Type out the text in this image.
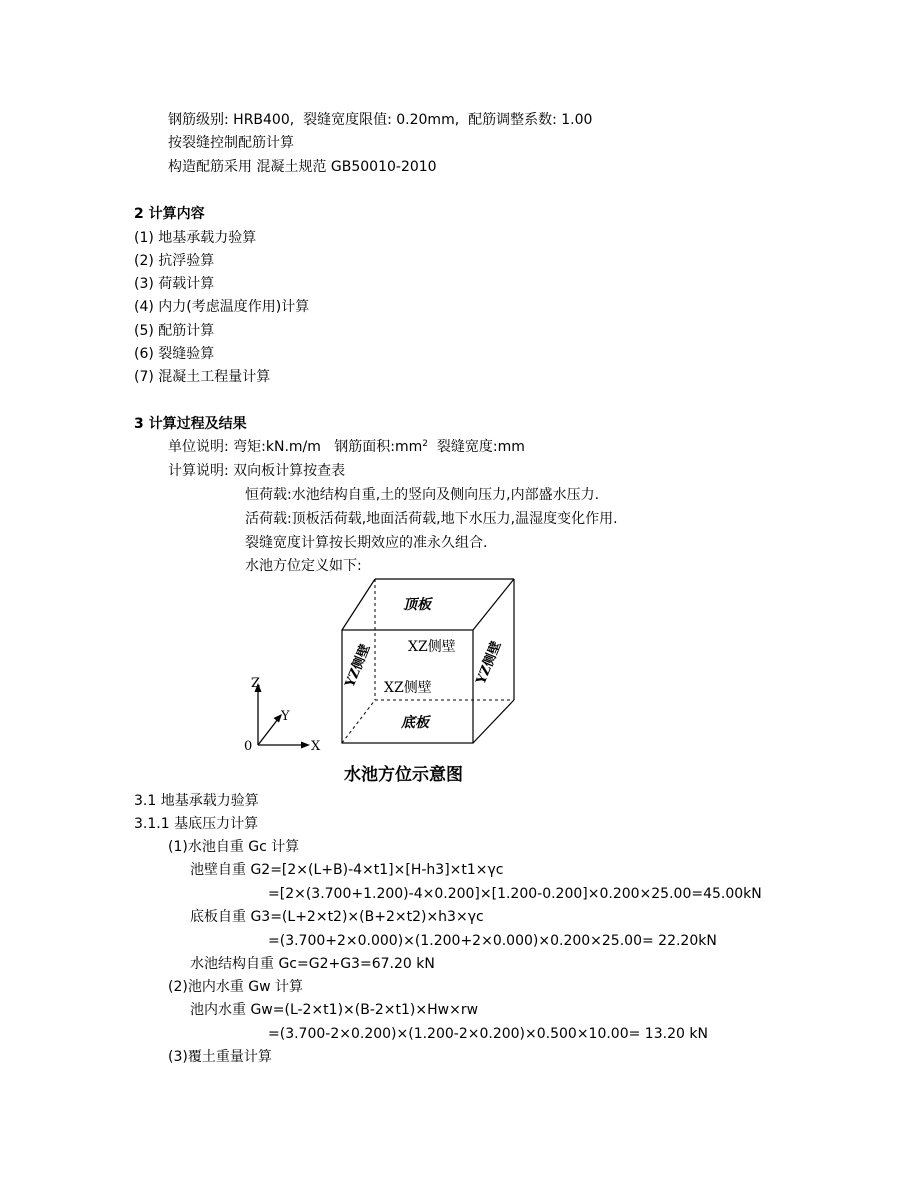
钢筋级别: HRB400,  裂缝宽度限值: 0.20mm,  配筋调整系数: 1.00
按裂缝控制配筋计算
构造配筋采用 混凝土规范 GB50010-2010
2 计算内容
(1) 地基承载力验算
(2) 抗浮验算
(3) 荷载计算
(4) 内力(考虑温度作用)计算
(5) 配筋计算
(6) 裂缝验算
(7) 混凝土工程量计算
3 计算过程及结果
单位说明: 弯矩:kN.m/m   钢筋面积$:mm^2$  裂缝宽度:mm
计算说明: 双向板计算按查表
恒荷载:水池结构自重,土的竖向及侧向压力,内部盛水压力.
活荷载:顶板活荷载,地面活荷载,地下水压力,温湿度变化作用.
裂缝宽度计算按长期效应的准永久组合.
水池方位定义如下:
顶板
XZ侧壁
XZ侧壁
底板
YZ侧壁	YZ侧壁
Z
Y
X
0
水池方位示意图
3.1 地基承载力验算
3.1.1 基底压力计算
(1)水池自重 Gc 计算
池壁自重 G2=[2×(L+B)-4×t1]×[H-h3]×t1×γc
=[2×(3.700+1.200)-4×0.200]×[1.200-0.200]×0.200×25.00=45.00kN
底板自重 G3=(L+2×t2)×(B+2×t2)×h3×γc
=(3.700+2×0.000)×(1.200+2×0.000)×0.200×25.00= 22.20kN
水池结构自重 Gc=G2+G3=67.20 kN
(2)池内水重 Gw 计算
池内水重 Gw=(L-2×t1)×(B-2×t1)×Hw×rw
=(3.700-2×0.200)×(1.200-2×0.200)×0.500×10.00= 13.20 kN
(3)覆土重量计算
